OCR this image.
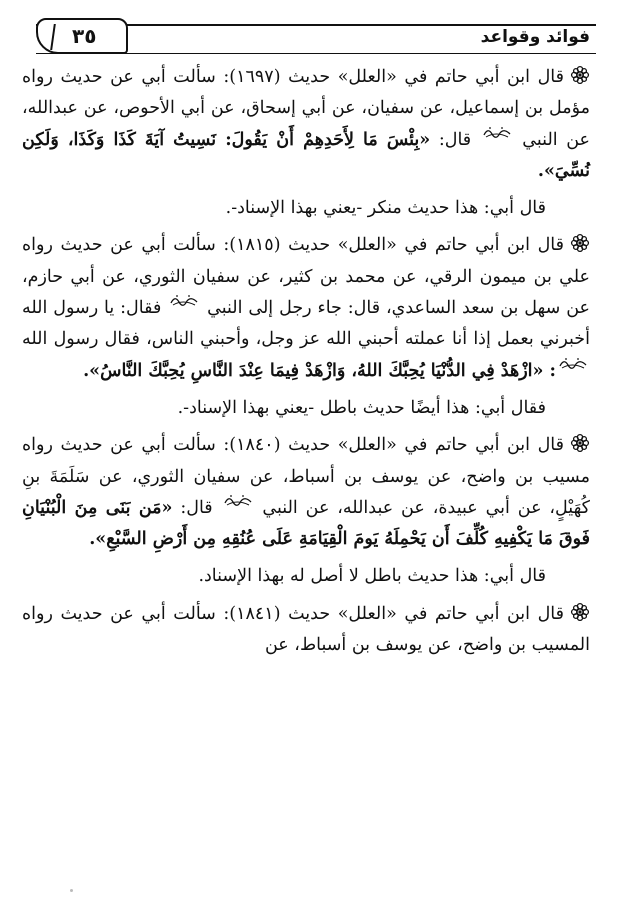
فوائد وقواعد
٣٥

قال ابن أبي حاتم في «العلل» حديث (١٦٩٧): سألت أبي عن حديث رواه مؤمل بن إسماعيل، عن سفيان، عن أبي إسحاق، عن أبي الأحوص، عن عبدالله، عن النبي  قال: «بِئْسَ مَا لِأَحَدِهِمْ أَنْ يَقُولَ: نَسِيتُ آيَةَ كَذَا وَكَذَا، وَلَكِن نُسِّيَ».

قال أبي: هذا حديث منكر -يعني بهذا الإسناد-.

قال ابن أبي حاتم في «العلل» حديث (١٨١٥): سألت أبي عن حديث رواه علي بن ميمون الرقي، عن محمد بن كثير، عن سفيان الثوري، عن أبي حازم، عن سهل بن سعد الساعدي، قال: جاء رجل إلى النبي  فقال: يا رسول الله أخبرني بعمل إذا أنا عملته أحبني الله عز وجل، وأحبني الناس، فقال رسول الله : «ازْهَدْ فِي الدُّنْيَا يُحِبَّكَ اللهُ، وَازْهَدْ فِيمَا عِنْدَ النَّاسِ يُحِبَّكَ النَّاسُ».

فقال أبي: هذا أيضًا حديث باطل -يعني بهذا الإسناد-.

قال ابن أبي حاتم في «العلل» حديث (١٨٤٠): سألت أبي عن حديث رواه مسيب بن واضح، عن يوسف بن أسباط، عن سفيان الثوري، عن سَلَمَةَ بنِ كُهَيْلٍ، عن أبي عبيدة، عن عبدالله، عن النبي  قال: «مَن بَنَى مِنَ الْبُنْيَانِ فَوقَ مَا يَكْفِيهِ كُلِّفَ أَن يَحْمِلَهُ يَومَ الْقِيَامَةِ عَلَى عُنُقِهِ مِن أَرْضِ السَّبْعِ».

قال أبي: هذا حديث باطل لا أصل له بهذا الإسناد.

قال ابن أبي حاتم في «العلل» حديث (١٨٤١): سألت أبي عن حديث رواه المسيب بن واضح، عن يوسف بن أسباط، عن
